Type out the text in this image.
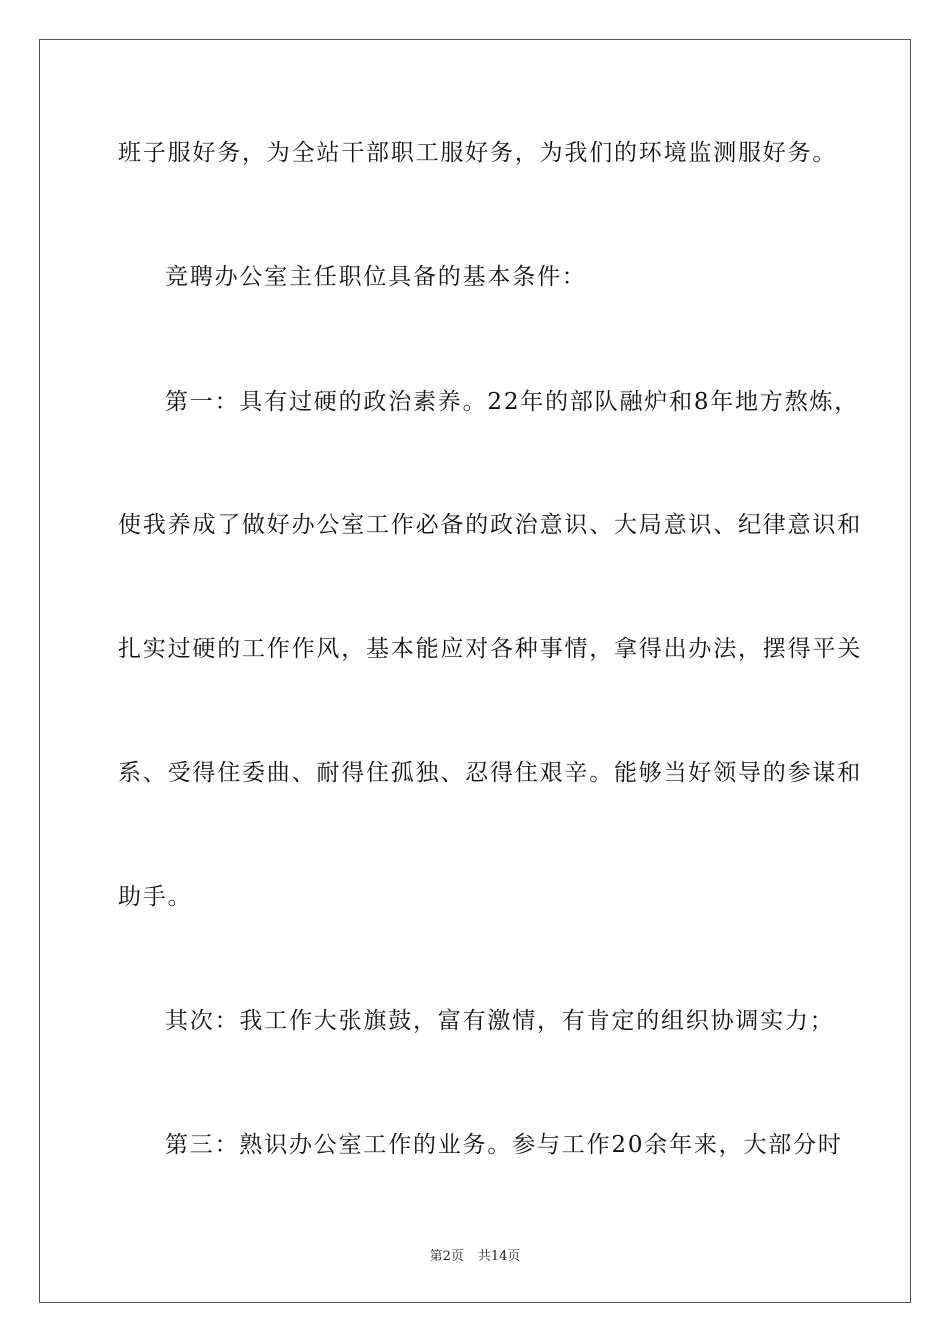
班子服好务，为全站干部职工服好务，为我们的环境监测服好务。

竞聘办公室主任职位具备的基本条件：

第一：具有过硬的政治素养。22年的部队融炉和8年地方熬炼，

使我养成了做好办公室工作必备的政治意识、大局意识、纪律意识和

扎实过硬的工作作风，基本能应对各种事情，拿得出办法，摆得平关

系、受得住委曲、耐得住孤独、忍得住艰辛。能够当好领导的参谋和

助手。

其次：我工作大张旗鼓，富有激情，有肯定的组织协调实力；

第三：熟识办公室工作的业务。参与工作20余年来，大部分时

第2页 共14页
